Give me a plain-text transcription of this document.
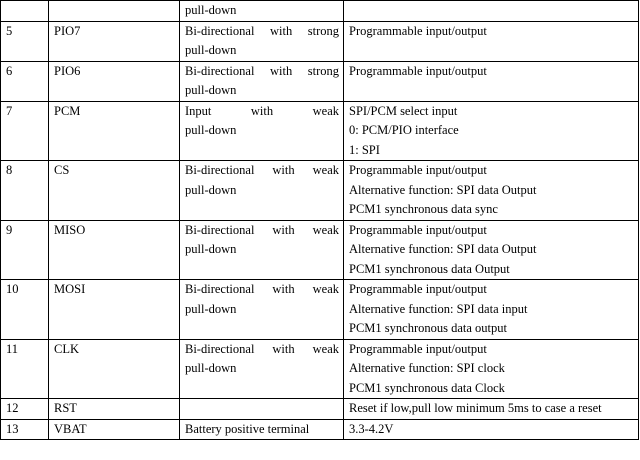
		pull-down	

5	PIO7	Bi-directional with strong
pull-down	Programmable input/output

6	PIO6	Bi-directional with strong
pull-down	Programmable input/output

7	PCM	Input with weak
pull-down	SPI/PCM select input
0: PCM/PIO interface
1: SPI

8	CS	Bi-directional with weak
pull-down	Programmable input/output
Alternative function: SPI data Output
PCM1 synchronous data sync

9	MISO	Bi-directional with weak
pull-down	Programmable input/output
Alternative function: SPI data Output
PCM1 synchronous data Output

10	MOSI	Bi-directional with weak
pull-down	Programmable input/output
Alternative function: SPI data input
PCM1 synchronous data output

11	CLK	Bi-directional with weak
pull-down	Programmable input/output
Alternative function: SPI clock
PCM1 synchronous data Clock

12	RST		Reset if low,pull low minimum 5ms to case a reset

13	VBAT	Battery positive terminal	3.3-4.2V
